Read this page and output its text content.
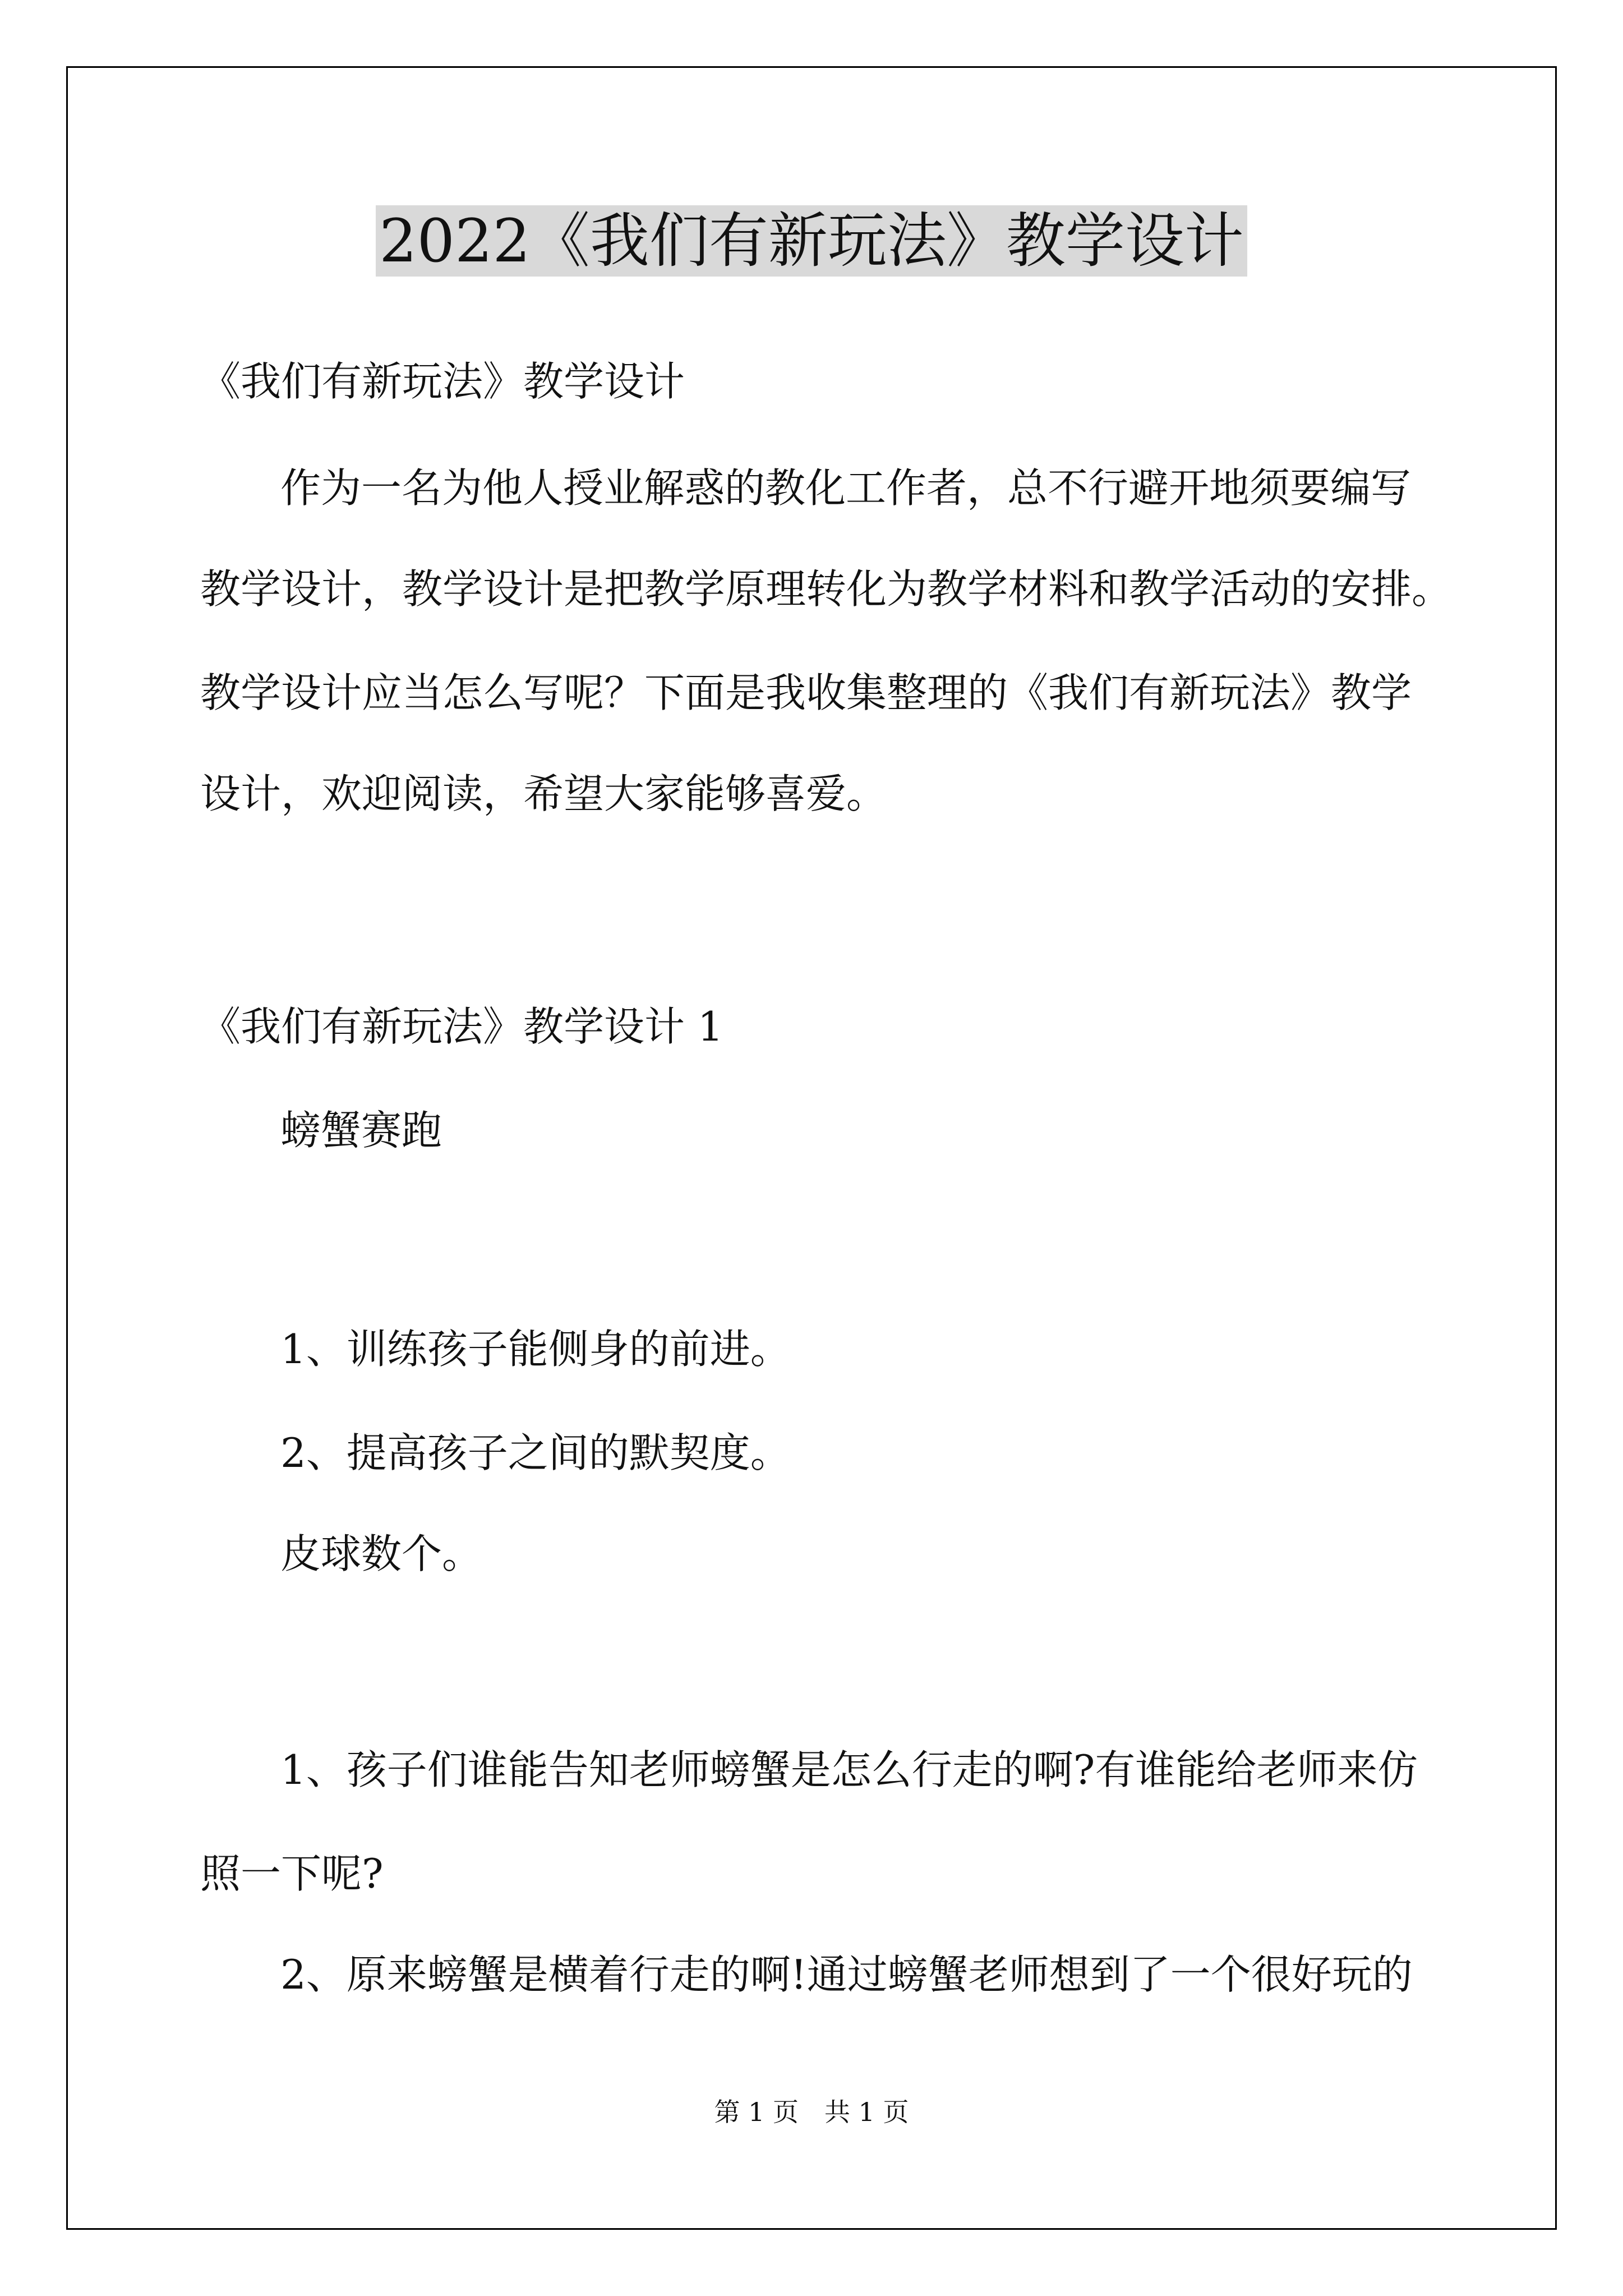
2022《我们有新玩法》教学设计
《我们有新玩法》教学设计
作为一名为他人授业解惑的教化工作者，总不行避开地须要编写
教学设计，教学设计是把教学原理转化为教学材料和教学活动的安排。
教学设计应当怎么写呢？下面是我收集整理的《我们有新玩法》教学
设计，欢迎阅读，希望大家能够喜爱。
《我们有新玩法》教学设计 1
螃蟹赛跑
1、训练孩子能侧身的前进。
2、提高孩子之间的默契度。
皮球数个。
1、孩子们谁能告知老师螃蟹是怎么行走的啊?有谁能给老师来仿
照一下呢?
2、原来螃蟹是横着行走的啊!通过螃蟹老师想到了一个很好玩的
第 1 页　共 1 页
